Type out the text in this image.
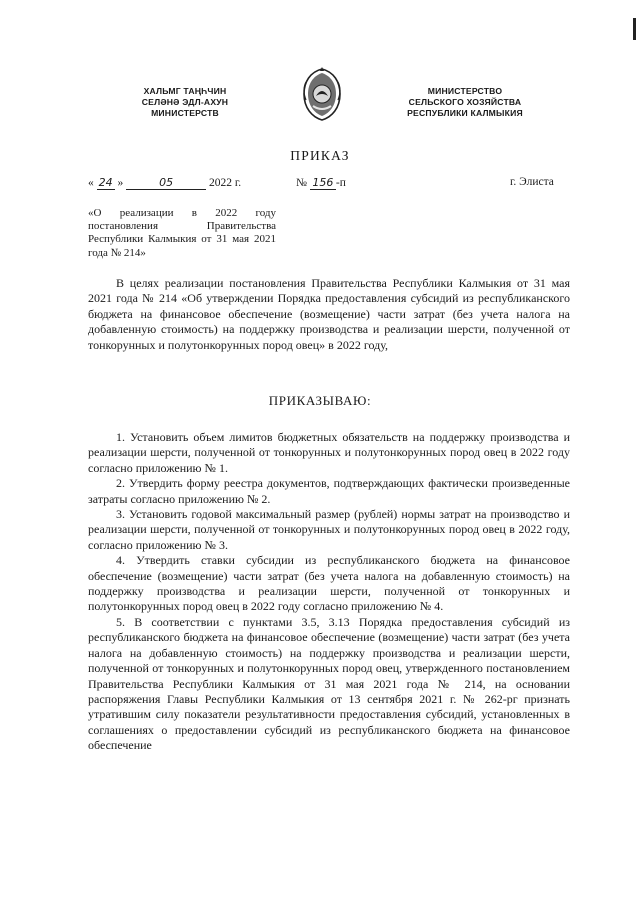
ХАЛЬМГ ТАҢҺЧИН
СЕЛӘНӘ ЭДЛ-АХУН
МИНИСТЕРСТВ
МИНИСТЕРСТВО
СЕЛЬСКОГО ХОЗЯЙСТВА
РЕСПУБЛИКИ КАЛМЫКИЯ
ПРИКАЗ
« 24 »	05	2022 г.	№ 156 -п	г. Элиста
«О реализации в 2022 году постановления Правительства Республики Калмыкия от 31 мая 2021 года № 214»
В целях реализации постановления Правительства Республики Калмыкия от 31 мая 2021 года № 214 «Об утверждении Порядка предоставления субсидий из республиканского бюджета на финансовое обеспечение (возмещение) части затрат (без учета налога на добавленную стоимость) на поддержку производства и реализации шерсти, полученной от тонкорунных и полутонкорунных пород овец» в 2022 году,
ПРИКАЗЫВАЮ:

1. Установить объем лимитов бюджетных обязательств на поддержку производства и реализации шерсти, полученной от тонкорунных и полутонкорунных пород овец в 2022 году согласно приложению № 1.

2. Утвердить форму реестра документов, подтверждающих фактически произведенные затраты согласно приложению № 2.

3. Установить годовой максимальный размер (рублей) нормы затрат на производство и реализации шерсти, полученной от тонкорунных и полутонкорунных пород овец в 2022 году, согласно приложению № 3.

4. Утвердить ставки субсидии из республиканского бюджета на финансовое обеспечение (возмещение) части затрат (без учета налога на добавленную стоимость) на поддержку производства и реализации шерсти, полученной от тонкорунных и полутонкорунных пород овец в 2022 году согласно приложению № 4.

5. В соответствии с пунктами 3.5, 3.13 Порядка предоставления субсидий из республиканского бюджета на финансовое обеспечение (возмещение) части затрат (без учета налога на добавленную стоимость) на поддержку производства и реализации шерсти, полученной от тонкорунных и полутонкорунных пород овец, утвержденного постановлением Правительства Республики Калмыкия от 31 мая 2021 года № 214, на основании распоряжения Главы Республики Калмыкия от 13 сентября 2021 г. № 262-рг признать утратившим силу показатели результативности предоставления субсидий, установленных в соглашениях о предоставлении субсидий из республиканского бюджета на финансовое обеспечение
